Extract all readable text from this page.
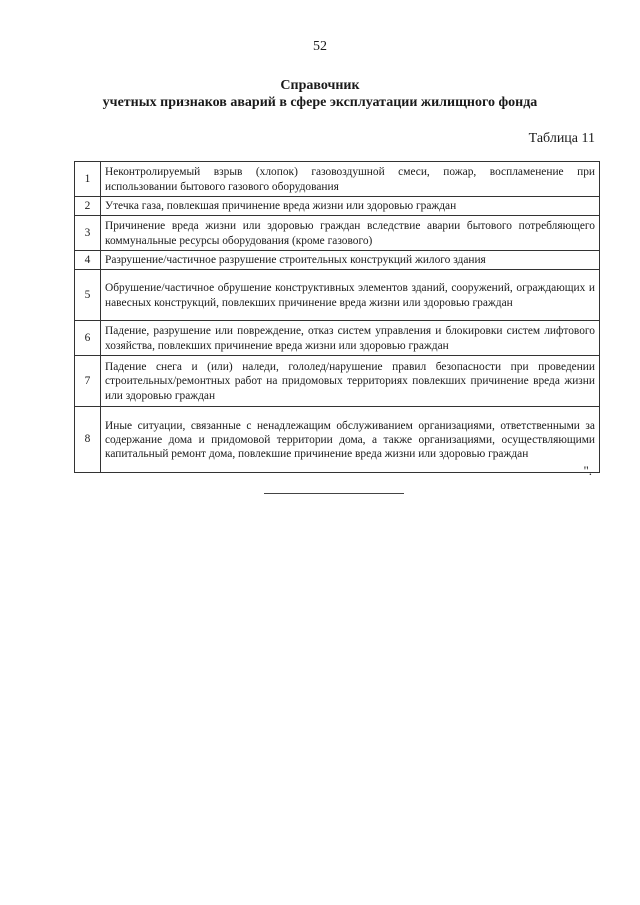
52
Справочник
учетных признаков аварий в сфере эксплуатации жилищного фонда
Таблица 11
1	Неконтролируемый взрыв (хлопок) газовоздушной смеси, пожар, воспламенение при использовании бытового газового оборудования
2	Утечка газа, повлекшая причинение вреда жизни или здоровью граждан
3	Причинение вреда жизни или здоровью граждан вследствие аварии бытового потребляющего коммунальные ресурсы оборудования (кроме газового)
4	Разрушение/частичное разрушение строительных конструкций жилого здания
5	Обрушение/частичное обрушение конструктивных элементов зданий, сооружений, ограждающих и навесных конструкций, повлекших причинение вреда жизни или здоровью граждан
6	Падение, разрушение или повреждение, отказ систем управления и блокировки систем лифтового хозяйства, повлекших причинение вреда жизни или здоровью граждан
7	Падение снега и (или) наледи, гололед/нарушение правил безопасности при проведении строительных/ремонтных работ на придомовых территориях повлекших причинение вреда жизни или здоровью граждан
8	Иные ситуации, связанные с ненадлежащим обслуживанием организациями, ответственными за содержание дома и придомовой территории дома, а также организациями, осуществляющими капитальный ремонт дома, повлекшие причинение вреда жизни или здоровью граждан
".
